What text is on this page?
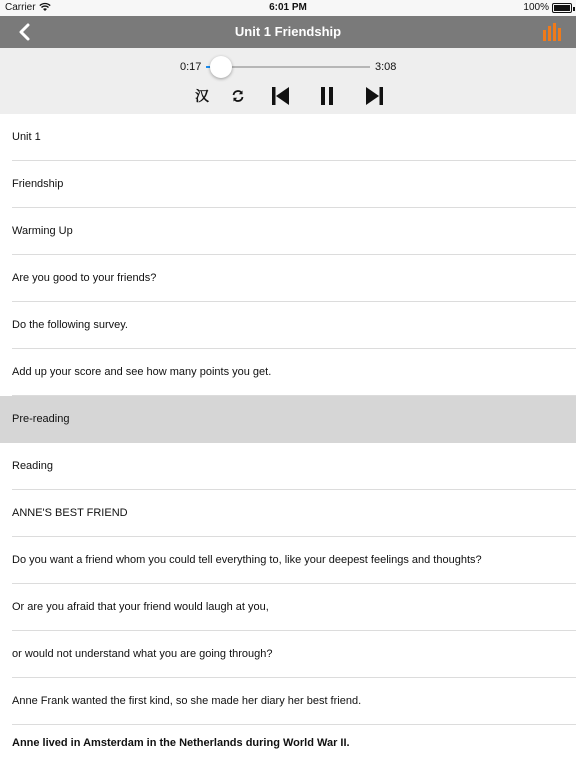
Carrier	6:01 PM	100%
Unit 1 Friendship
0:17	3:08
汉
Unit 1
Friendship
Warming Up
Are you good to your friends?
Do the following survey.
Add up your score and see how many points you get.
Pre-reading
Reading
ANNE'S BEST FRIEND
Do you want a friend whom you could tell everything to, like your deepest feelings and thoughts?
Or are you afraid that your friend would laugh at you,
or would not understand what you are going through?
Anne Frank wanted the first kind, so she made her diary her best friend.
Anne lived in Amsterdam in the Netherlands during World War II.
